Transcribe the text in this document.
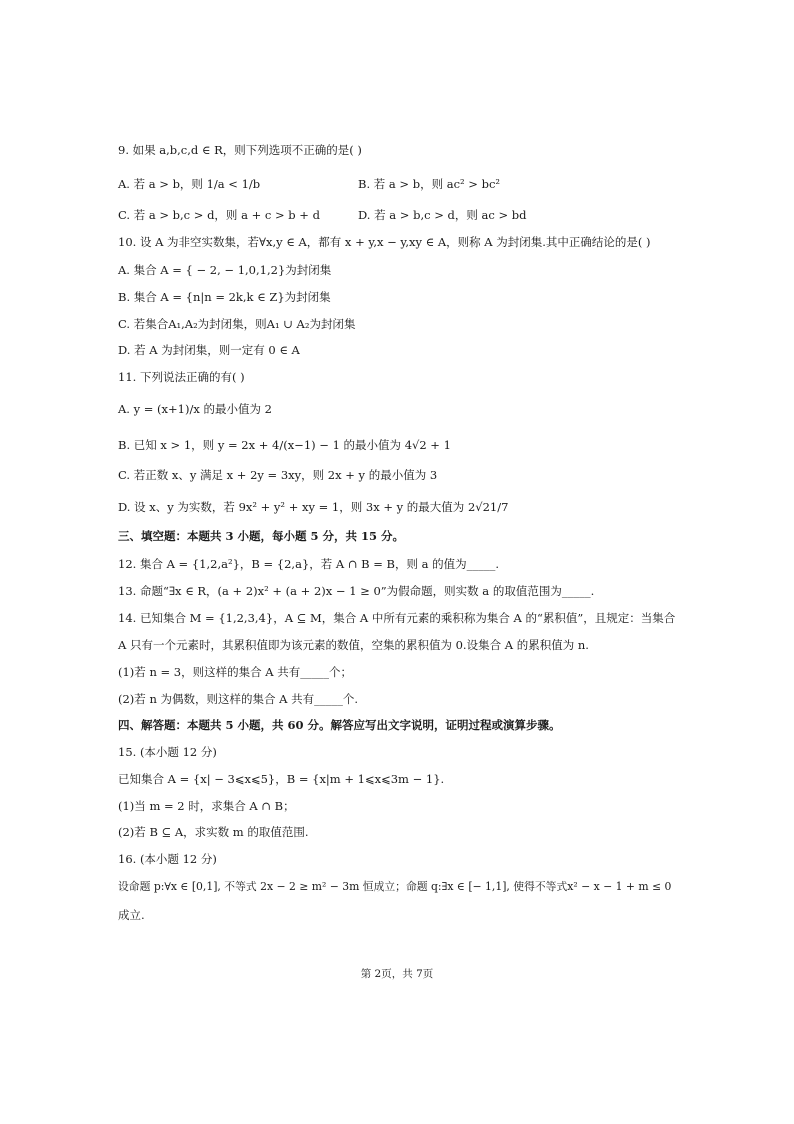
9. 如果 a,b,c,d ∈ R，则下列选项不正确的是( )
A. 若 a > b，则 1/a < 1/b	B. 若 a > b，则 ac² > bc²
C. 若 a > b,c > d，则 a + c > b + d	D. 若 a > b,c > d，则 ac > bd
10. 设 A 为非空实数集，若∀x,y ∈ A，都有 x + y,x − y,xy ∈ A，则称 A 为封闭集.其中正确结论的是( )
A. 集合 A = { − 2, − 1,0,1,2}为封闭集
B. 集合 A = {n|n = 2k,k ∈ Z}为封闭集
C. 若集合A₁,A₂为封闭集，则A₁ ∪ A₂为封闭集
D. 若 A 为封闭集，则一定有 0 ∈ A
11. 下列说法正确的有( )
A. y = (x+1)/x 的最小值为 2
B. 已知 x > 1，则 y = 2x + 4/(x−1) − 1 的最小值为 4√2 + 1
C. 若正数 x、y 满足 x + 2y = 3xy，则 2x + y 的最小值为 3
D. 设 x、y 为实数，若 9x² + y² + xy = 1，则 3x + y 的最大值为 2√21/7
三、填空题：本题共 3 小题，每小题 5 分，共 15 分。
12. 集合 A = {1,2,a²}，B = {2,a}，若 A ∩ B = B，则 a 的值为_____.
13. 命题“∃x ∈ R，(a + 2)x² + (a + 2)x − 1 ≥ 0”为假命题，则实数 a 的取值范围为_____.
14. 已知集合 M = {1,2,3,4}，A ⊆ M，集合 A 中所有元素的乘积称为集合 A 的“累积值”，且规定：当集合
A 只有一个元素时，其累积值即为该元素的数值，空集的累积值为 0.设集合 A 的累积值为 n.
(1)若 n = 3，则这样的集合 A 共有_____个；
(2)若 n 为偶数，则这样的集合 A 共有_____个.
四、解答题：本题共 5 小题，共 60 分。解答应写出文字说明，证明过程或演算步骤。
15. (本小题 12 分)
已知集合 A = {x| − 3⩽x⩽5}，B = {x|m + 1⩽x⩽3m − 1}.
(1)当 m = 2 时，求集合 A ∩ B；
(2)若 B ⊆ A，求实数 m 的取值范围.
16. (本小题 12 分)
设命题 p:∀x ∈ [0,1], 不等式 2x − 2 ≥ m² − 3m 恒成立；命题 q:∃x ∈ [− 1,1], 使得不等式x² − x − 1 + m ≤ 0
成立.
第 2页，共 7页
